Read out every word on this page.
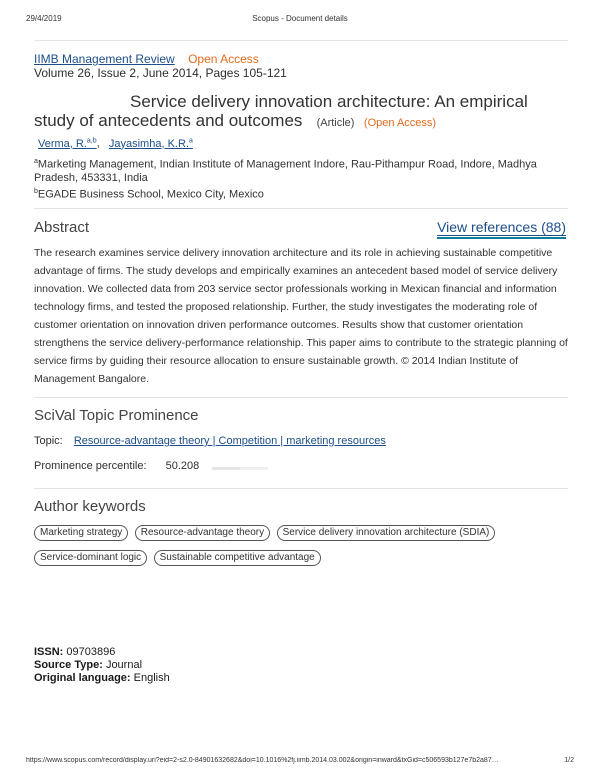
29/4/2019	Scopus - Document details
IIMB Management Review Open Access
Volume 26, Issue 2, June 2014, Pages 105-121
Service delivery innovation architecture: An empirical study of antecedents and outcomes (Article) (Open Access)
Verma, R.$^{a,b}$, Jayasimha, K.R.$^a$
$^a$Marketing Management, Indian Institute of Management Indore, Rau-Pithampur Road, Indore, Madhya Pradesh, 453331, India
$^b$EGADE Business School, Mexico City, Mexico
Abstract	View references (88)
The research examines service delivery innovation architecture and its role in achieving sustainable competitive advantage of firms. The study develops and empirically examines an antecedent based model of service delivery innovation. We collected data from 203 service sector professionals working in Mexican financial and information technology firms, and tested the proposed relationship. Further, the study investigates the moderating role of customer orientation on innovation driven performance outcomes. Results show that customer orientation strengthens the service delivery-performance relationship. This paper aims to contribute to the strategic planning of service firms by guiding their resource allocation to ensure sustainable growth. © 2014 Indian Institute of Management Bangalore.
SciVal Topic Prominence
Topic: Resource-advantage theory | Competition | marketing resources
Prominence percentile: 50.208
Author keywords
Marketing strategy Resource-advantage theory Service delivery innovation architecture (SDIA)
Service-dominant logic Sustainable competitive advantage
ISSN: 09703896
Source Type: Journal
Original language: English
https://www.scopus.com/record/display.uri?eid=2-s2.0-84901632682&doi=10.1016%2fj.iimb.2014.03.002&origin=inward&txGid=c506593b127e7b2a87…	1/2
